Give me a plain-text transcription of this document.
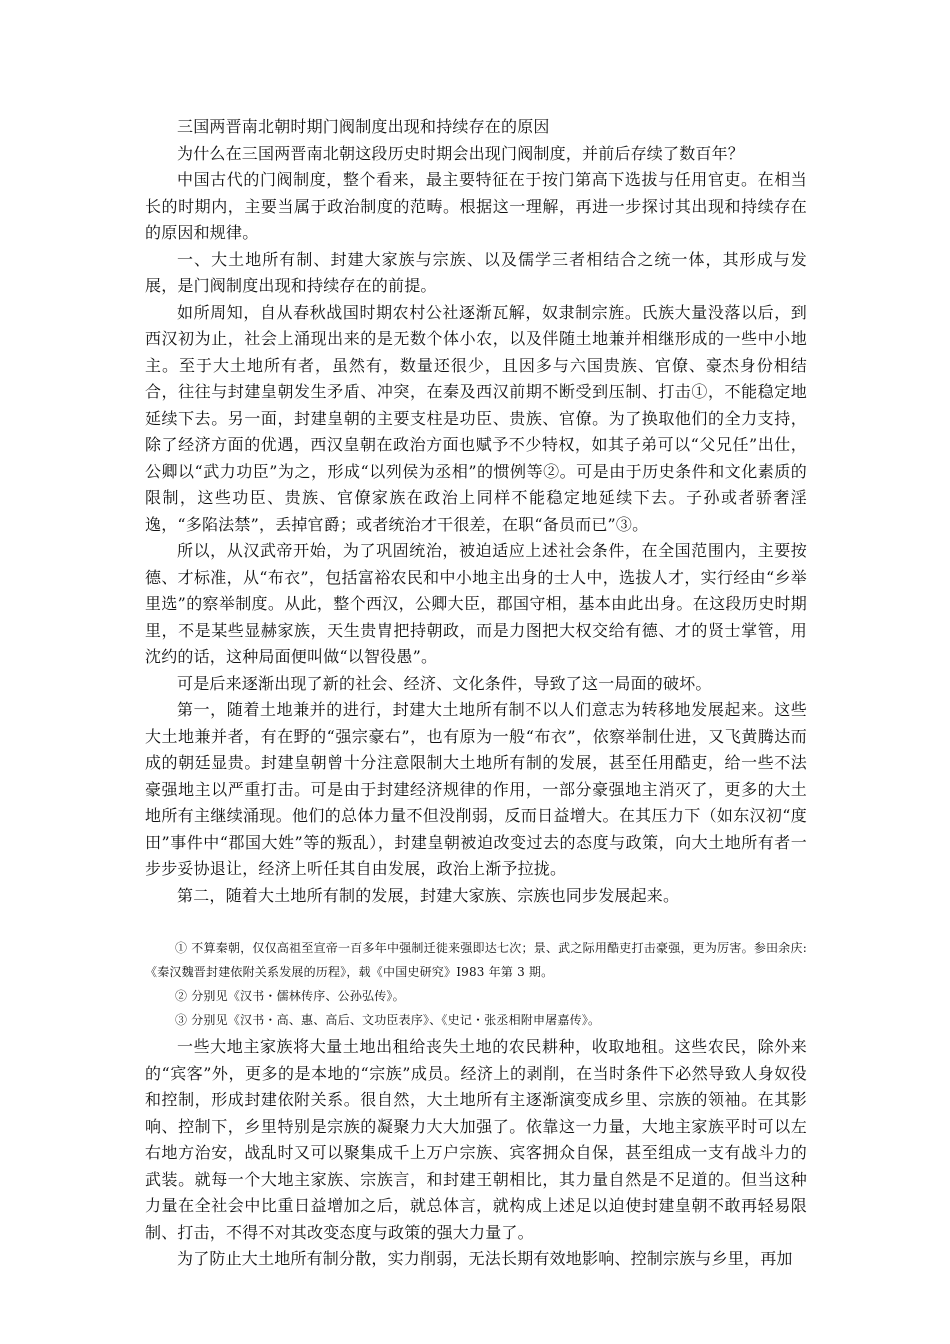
三国两晋南北朝时期门阀制度出现和持续存在的原因

为什么在三国两晋南北朝这段历史时期会出现门阀制度，并前后存续了数百年？

中国古代的门阀制度，整个看来，最主要特征在于按门第高下选拔与任用官吏。在相当长的时期内，主要当属于政治制度的范畴。根据这一理解，再进一步探讨其出现和持续存在的原因和规律。

一、大土地所有制、封建大家族与宗族、以及儒学三者相结合之统一体，其形成与发展，是门阀制度出现和持续存在的前提。

如所周知，自从春秋战国时期农村公社逐渐瓦解，奴隶制宗旌。氏族大量没落以后，到西汉初为止，社会上涌现出来的是无数个体小农，以及伴随土地兼并相继形成的一些中小地主。至于大土地所有者，虽然有，数量还很少，且因多与六国贵族、官僚、豪杰身份相结合，往往与封建皇朝发生矛盾、冲突，在秦及西汉前期不断受到压制、打击①，不能稳定地延续下去。另一面，封建皇朝的主要支柱是功臣、贵族、官僚。为了换取他们的全力支持，除了经济方面的优遇，西汉皇朝在政治方面也赋予不少特权，如其子弟可以“父兄任”出仕，公卿以“武力功臣”为之，形成“以列侯为丞相”的惯例等②。可是由于历史条件和文化素质的限制，这些功臣、贵族、官僚家族在政治上同样不能稳定地延续下去。子孙或者骄奢淫逸，“多陷法禁”，丢掉官爵；或者统治才干很差，在职“备员而已”③。

所以，从汉武帝开始，为了巩固统治，被迫适应上述社会条件，在全国范围内，主要按德、才标准，从“布衣”，包括富裕农民和中小地主出身的士人中，选拔人才，实行经由“乡举里选”的察举制度。从此，整个西汉，公卿大臣，郡国守相，基本由此出身。在这段历史时期里，不是某些显赫家族，天生贵胄把持朝政，而是力图把大权交给有德、才的贤士掌管，用沈约的话，这种局面便叫做“以智役愚”。

可是后来逐渐出现了新的社会、经济、文化条件，导致了这一局面的破坏。

第一，随着土地兼并的进行，封建大土地所有制不以人们意志为转移地发展起来。这些大土地兼并者，有在野的“强宗豪右”，也有原为一般“布衣”，依察举制仕进，又飞黄腾达而成的朝廷显贵。封建皇朝曾十分注意限制大土地所有制的发展，甚至任用酷吏，给一些不法豪强地主以严重打击。可是由于封建经济规律的作用，一部分豪强地主消灭了，更多的大土地所有主继续涌现。他们的总体力量不但没削弱，反而日益增大。在其压力下（如东汉初“度田”事件中“郡国大姓”等的叛乱），封建皇朝被迫改变过去的态度与政策，向大土地所有者一步步妥协退让，经济上听任其自由发展，政治上渐予拉拢。

第二，随着大土地所有制的发展，封建大家族、宗族也同步发展起来。

① 不算秦朝，仅仅高祖至宣帝一百多年中强制迁徙来强即达七次；景、武之际用酷吏打击豪强，更为厉害。参田余庆:《秦汉魏晋封建依附关系发展的历程》，载《中国史研究》I983 年第 3 期。

② 分别见《汉书・儒林传序、公孙弘传》。

③ 分别见《汉书・高、惠、高后、文功臣表序》、《史记・张丞相附申屠嘉传》。

一些大地主家族将大量土地出租给丧失土地的农民耕种，收取地租。这些农民，除外来的“宾客”外，更多的是本地的“宗族”成员。经济上的剥削，在当时条件下必然导致人身奴役和控制，形成封建依附关系。很自然，大土地所有主逐渐演变成乡里、宗族的领袖。在其影响、控制下，乡里特别是宗族的凝聚力大大加强了。依靠这一力量，大地主家族平时可以左右地方治安，战乱时又可以聚集成千上万户宗族、宾客拥众自保，甚至组成一支有战斗力的武装。就每一个大地主家族、宗族言，和封建王朝相比，其力量自然是不足道的。但当这种力量在全社会中比重日益增加之后，就总体言，就构成上述足以迫使封建皇朝不敢再轻易限制、打击，不得不对其改变态度与政策的强大力量了。

为了防止大土地所有制分散，实力削弱，无法长期有效地影响、控制宗族与乡里，再加
